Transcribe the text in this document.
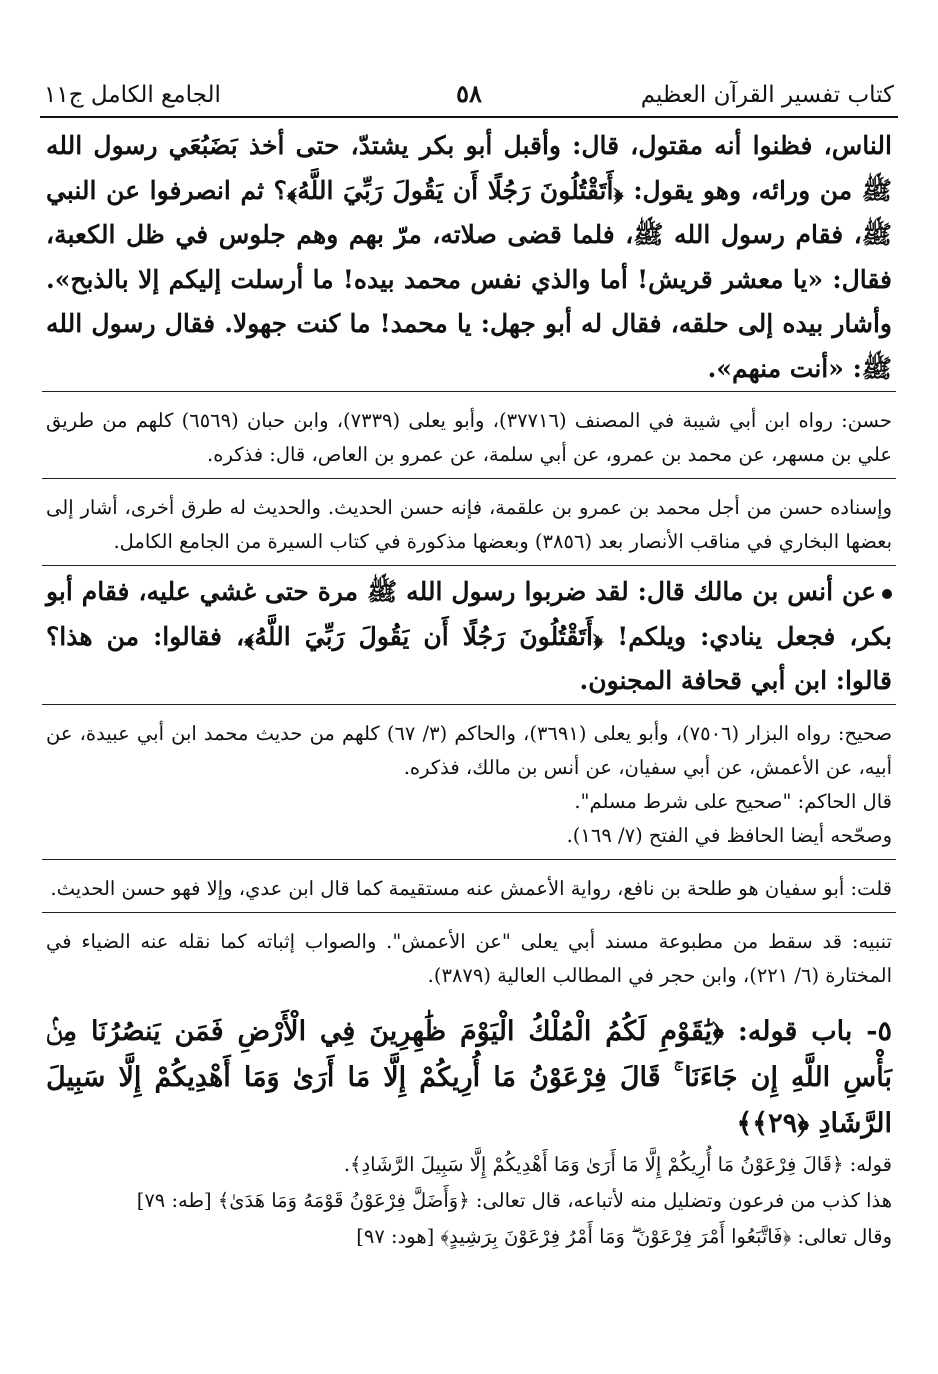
كتاب تفسير القرآن العظيم
٥٨
الجامع الكامل ج١١
الناس، فظنوا أنه مقتول، قال: وأقبل أبو بكر يشتدّ، حتى أخذ بَضَبُعَي رسول الله ﷺ من ورائه، وهو يقول: ﴿أَتَقْتُلُونَ رَجُلًا أَن يَقُولَ رَبِّيَ اللَّهُ﴾؟ ثم انصرفوا عن النبي ﷺ، فقام رسول الله ﷺ، فلما قضى صلاته، مرّ بهم وهم جلوس في ظل الكعبة، فقال: «يا معشر قريش! أما والذي نفس محمد بيده! ما أرسلت إليكم إلا بالذبح». وأشار بيده إلى حلقه، فقال له أبو جهل: يا محمد! ما كنت جهولا. فقال رسول الله ﷺ: «أنت منهم».

حسن: رواه ابن أبي شيبة في المصنف (٣٧٧١٦)، وأبو يعلى (٧٣٣٩)، وابن حبان (٦٥٦٩) كلهم من طريق علي بن مسهر، عن محمد بن عمرو، عن أبي سلمة، عن عمرو بن العاص، قال: فذكره.

وإسناده حسن من أجل محمد بن عمرو بن علقمة، فإنه حسن الحديث. والحديث له طرق أخرى، أشار إلى بعضها البخاري في مناقب الأنصار بعد (٣٨٥٦) وبعضها مذكورة في كتاب السيرة من الجامع الكامل.

عن أنس بن مالك قال: لقد ضربوا رسول الله ﷺ مرة حتى غشي عليه، فقام أبو بكر، فجعل ينادي: ويلكم! ﴿أَتَقْتُلُونَ رَجُلًا أَن يَقُولَ رَبِّيَ اللَّهُ﴾، فقالوا: من هذا؟ قالوا: ابن أبي قحافة المجنون.

صحيح: رواه البزار (٧٥٠٦)، وأبو يعلى (٣٦٩١)، والحاكم (٣/ ٦٧) كلهم من حديث محمد ابن أبي عبيدة، عن أبيه، عن الأعمش، عن أبي سفيان، عن أنس بن مالك، فذكره.

قال الحاكم: "صحيح على شرط مسلم".

وصحّحه أيضا الحافظ في الفتح (٧/ ١٦٩).

قلت: أبو سفيان هو طلحة بن نافع، رواية الأعمش عنه مستقيمة كما قال ابن عدي، وإلا فهو حسن الحديث.

تنبيه: قد سقط من مطبوعة مسند أبي يعلى "عن الأعمش". والصواب إثباته كما نقله عنه الضياء في المختارة (٦/ ٢٢١)، وابن حجر في المطالب العالية (٣٨٧٩).

٥- باب قوله: ﴿يَٰقَوْمِ لَكُمُ الْمُلْكُ الْيَوْمَ ظَٰهِرِينَ فِي الْأَرْضِ فَمَن يَنصُرُنَا مِنۢ بَأْسِ اللَّهِ إِن جَاءَنَا ۚ قَالَ فِرْعَوْنُ مَا أُرِيكُمْ إِلَّا مَا أَرَىٰ وَمَا أَهْدِيكُمْ إِلَّا سَبِيلَ الرَّشَادِ ﴿٢٩﴾﴾

قوله: ﴿قَالَ فِرْعَوْنُ مَا أُرِيكُمْ إِلَّا مَا أَرَىٰ وَمَا أَهْدِيكُمْ إِلَّا سَبِيلَ الرَّشَادِ﴾.

هذا كذب من فرعون وتضليل منه لأتباعه، قال تعالى: ﴿وَأَضَلَّ فِرْعَوْنُ قَوْمَهُ وَمَا هَدَىٰ﴾ [طه: ٧٩]

وقال تعالى: ﴿فَاتَّبَعُوا أَمْرَ فِرْعَوْنَ ۖ وَمَا أَمْرُ فِرْعَوْنَ بِرَشِيدٍ﴾ [هود: ٩٧]
